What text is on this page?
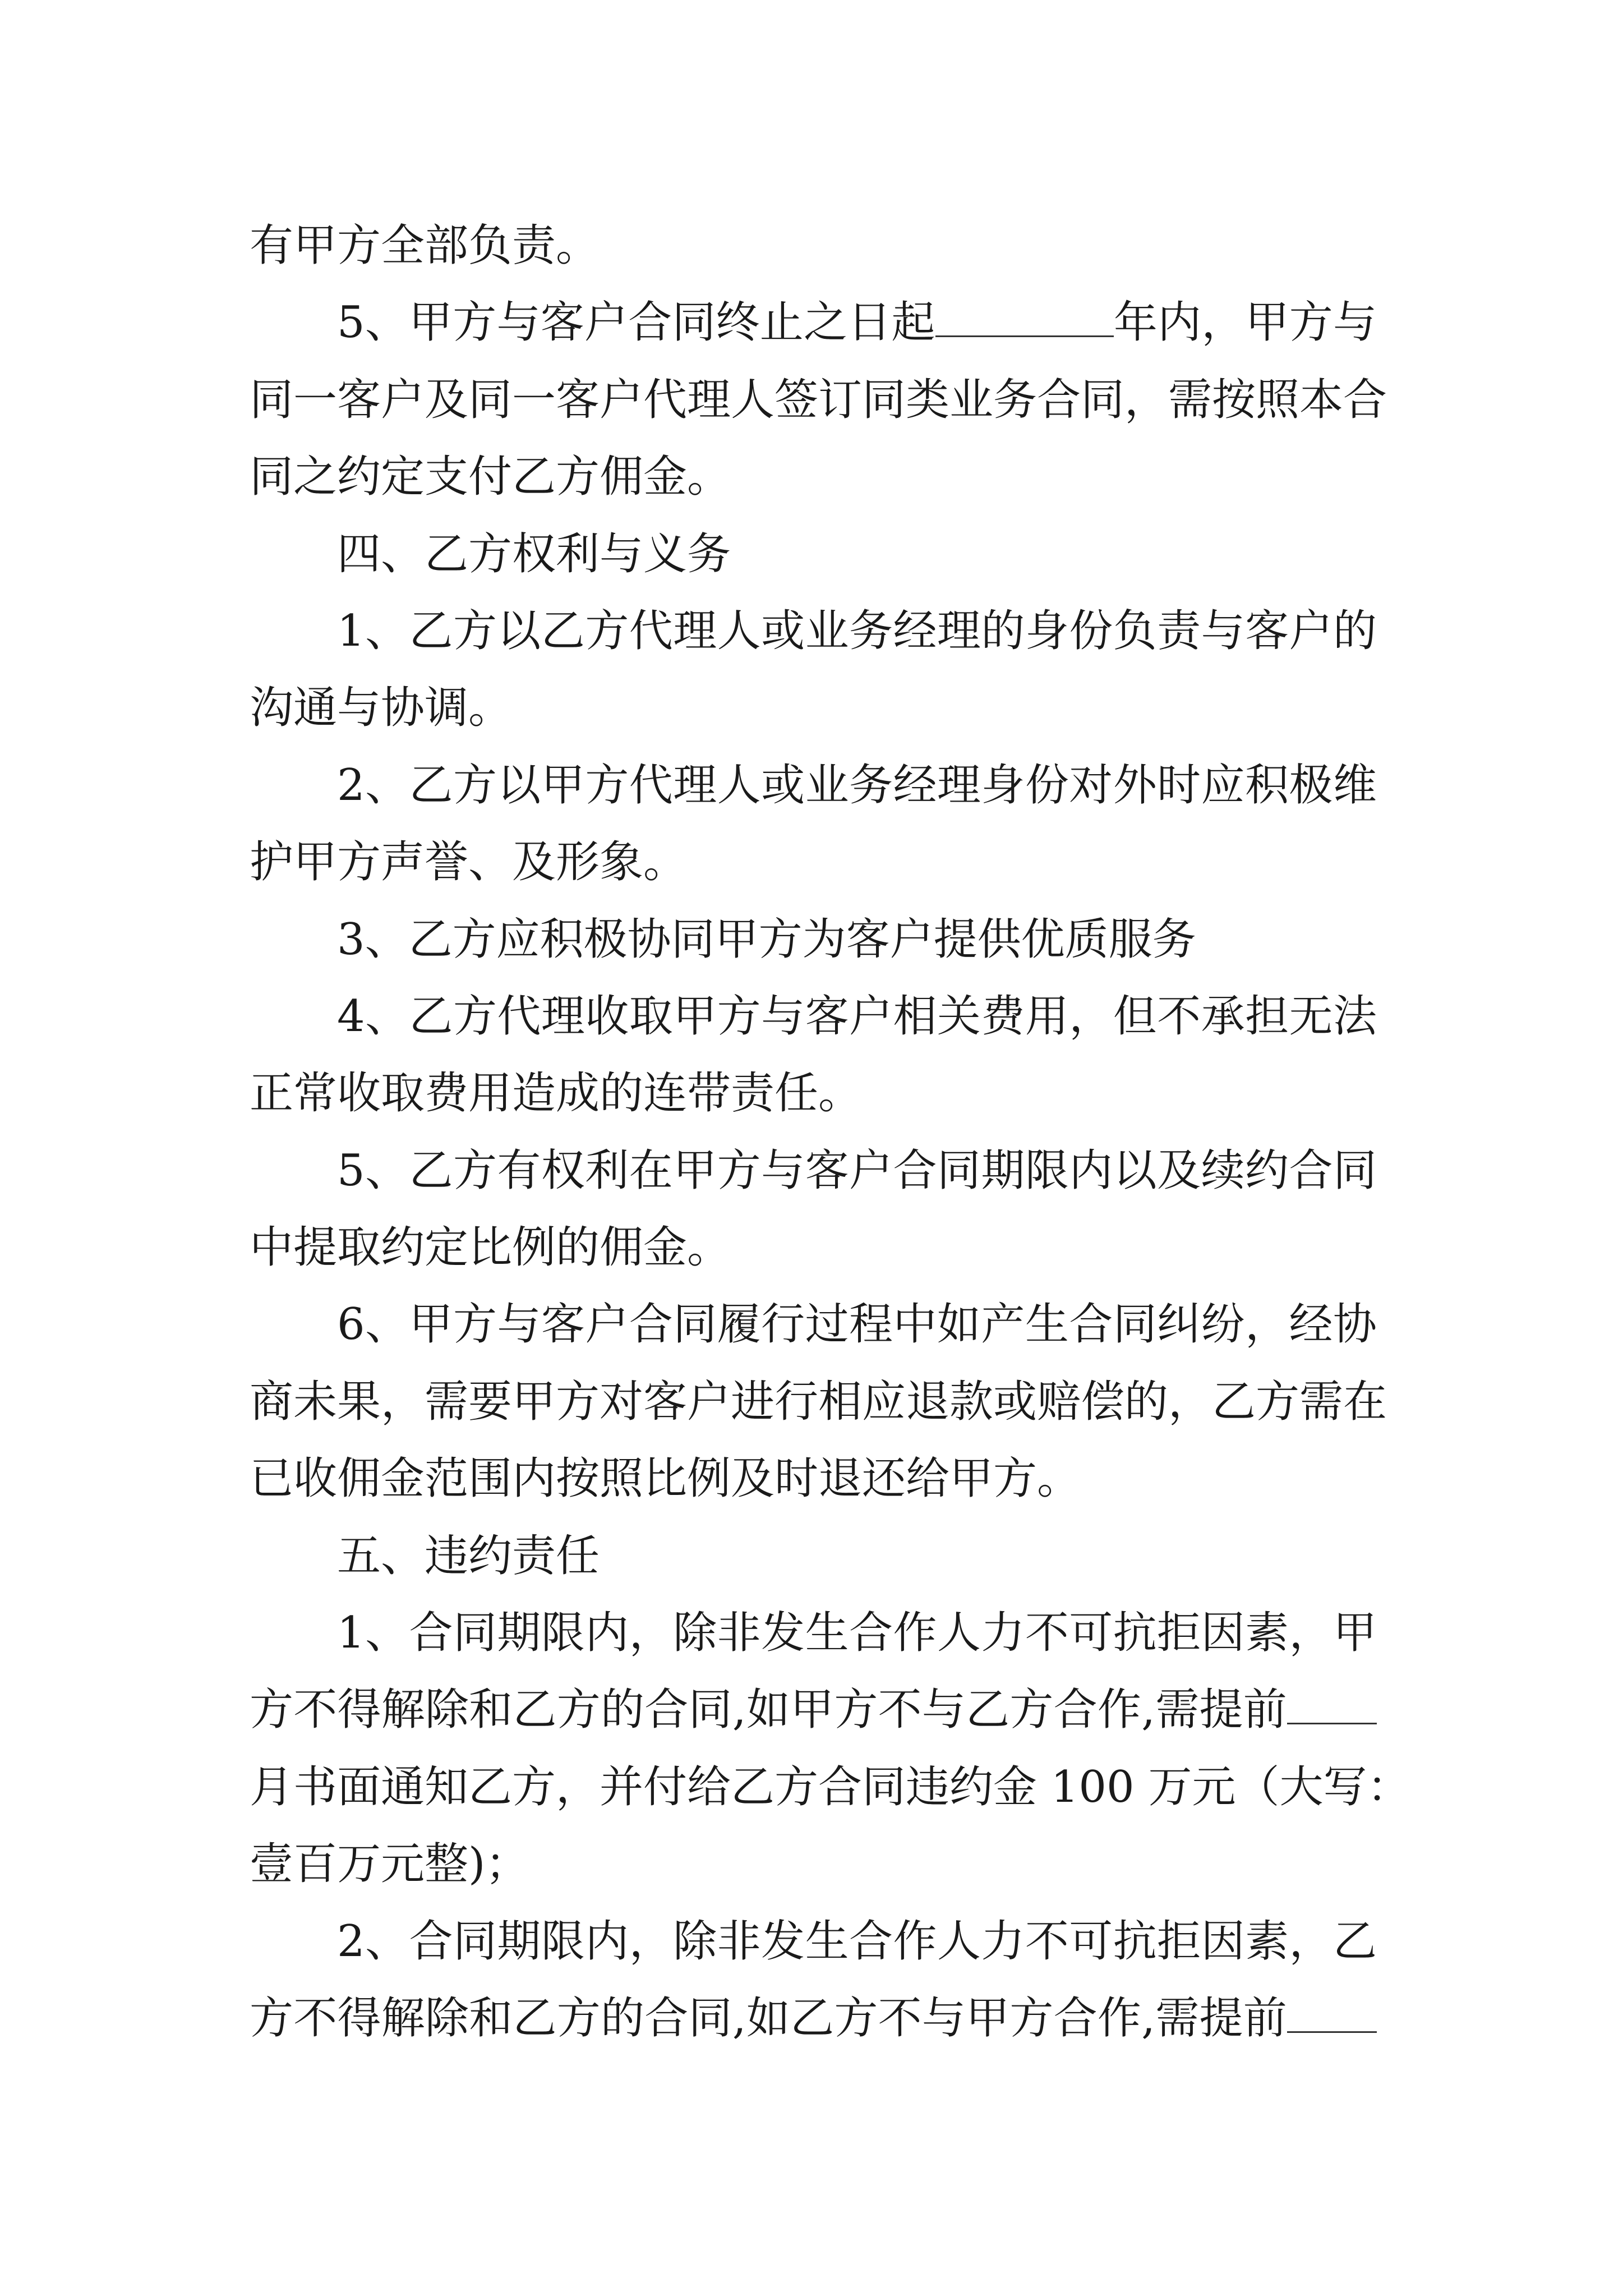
有甲方全部负责。
5、甲方与客户合同终止之日起	年内，甲方与
同一客户及同一客户代理人签订同类业务合同，需按照本合
同之约定支付乙方佣金。
四、乙方权利与义务
1、乙方以乙方代理人或业务经理的身份负责与客户的
沟通与协调。
2、乙方以甲方代理人或业务经理身份对外时应积极维
护甲方声誉、及形象。
3、乙方应积极协同甲方为客户提供优质服务
4、乙方代理收取甲方与客户相关费用，但不承担无法
正常收取费用造成的连带责任。
5、乙方有权利在甲方与客户合同期限内以及续约合同
中提取约定比例的佣金。
6、甲方与客户合同履行过程中如产生合同纠纷，经协
商未果，需要甲方对客户进行相应退款或赔偿的，乙方需在
已收佣金范围内按照比例及时退还给甲方。
五、违约责任
1、合同期限内，除非发生合作人力不可抗拒因素，甲
方不得解除和乙方的合同,如甲方不与乙方合作,需提前
月书面通知乙方，并付给乙方合同违约金 100 万元（大写：
壹百万元整)；
2、合同期限内，除非发生合作人力不可抗拒因素，乙
方不得解除和乙方的合同,如乙方不与甲方合作,需提前
